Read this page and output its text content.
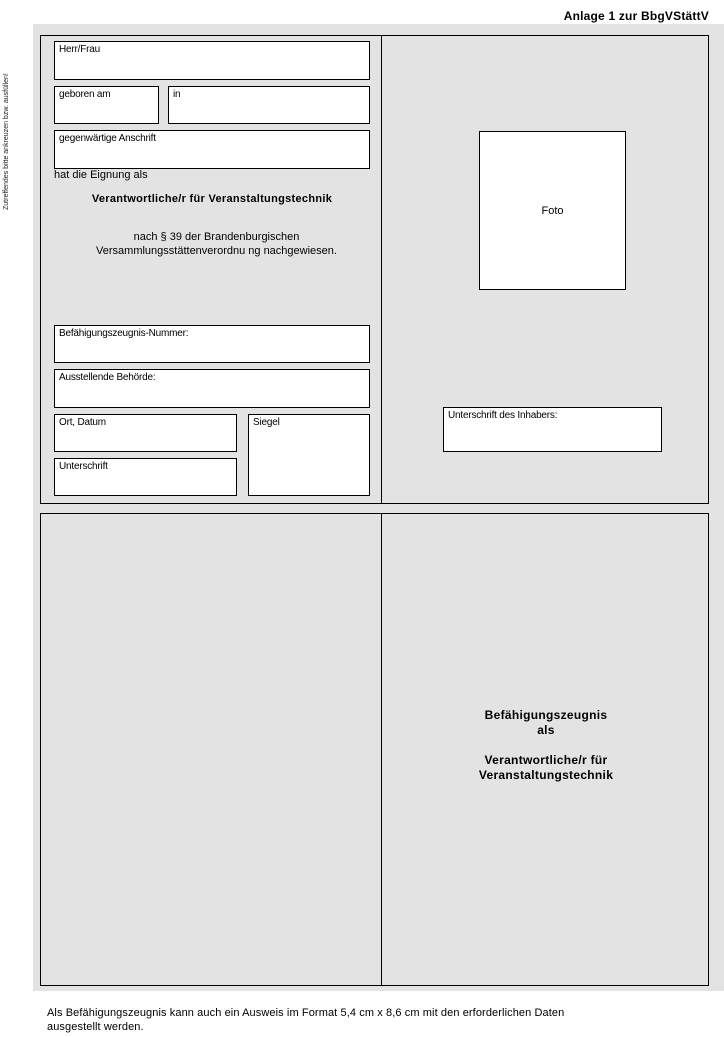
Zutreffendes bitte ankreuzen bzw. ausfüllen!
Anlage 1 zur BbgVStättV
Herr/Frau
geboren am	in
gegenwärtige Anschrift
hat die Eignung als
Verantwortliche/r für Veranstaltungstechnik
nach § 39 der Brandenburgischen
Versammlungsstättenverordnu ng nachgewiesen.
Befähigungszeugnis-Nummer:
Ausstellende Behörde:
Ort, Datum	Siegel
Unterschrift
Foto
Unterschrift des Inhabers:
Befähigungszeugnis
als
Verantwortliche/r für
Veranstaltungstechnik
Als Befähigungszeugnis kann auch ein Ausweis im Format 5,4 cm x 8,6 cm mit den erforderlichen Daten
ausgestellt werden.
